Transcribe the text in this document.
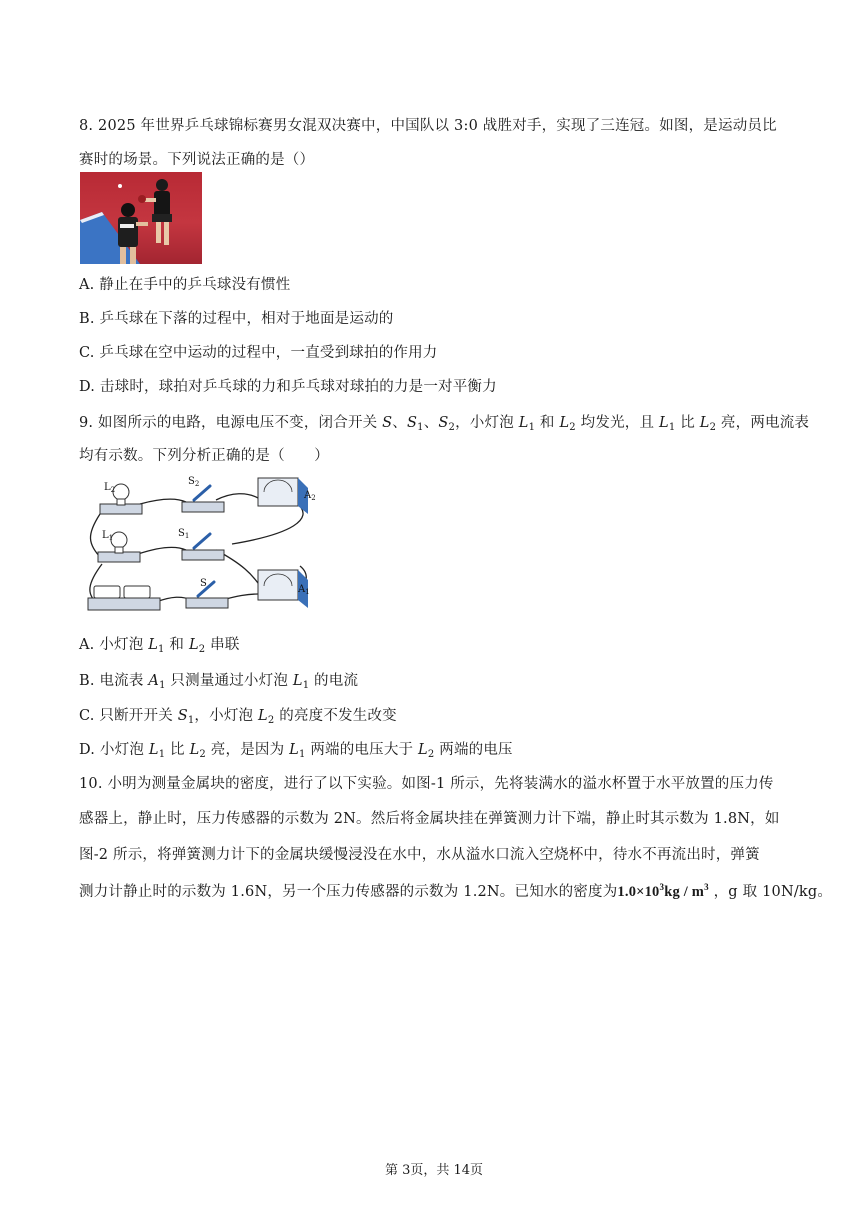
8. 2025 年世界乒乓球锦标赛男女混双决赛中，中国队以 3:0 战胜对手，实现了三连冠。如图，是运动员比
赛时的场景。下列说法正确的是（）
A. 静止在手中的乒乓球没有惯性
B. 乒乓球在下落的过程中，相对于地面是运动的
C. 乒乓球在空中运动的过程中，一直受到球拍的作用力
D. 击球时，球拍对乒乓球的力和乒乓球对球拍的力是一对平衡力
9. 如图所示的电路，电源电压不变，闭合开关 S、$S_1$、$S_2$，小灯泡 $L_1$ 和 $L_2$ 均发光，且 $L_1$ 比 $L_2$ 亮，两电流表
均有示数。下列分析正确的是（　　）
$L_2$
$S_2$
$A_2$
$L_1$	$S_1$
S
$A_1$
A. 小灯泡 $L_1$ 和 $L_2$ 串联
B. 电流表 $A_1$ 只测量通过小灯泡 $L_1$ 的电流
C. 只断开开关 $S_1$，小灯泡 $L_2$ 的亮度不发生改变
D. 小灯泡 $L_1$ 比 $L_2$ 亮，是因为 $L_1$ 两端的电压大于 $L_2$ 两端的电压
10. 小明为测量金属块的密度，进行了以下实验。如图-1 所示，先将装满水的溢水杯置于水平放置的压力传
感器上，静止时，压力传感器的示数为 2N。然后将金属块挂在弹簧测力计下端，静止时其示数为 1.8N，如
图-2 所示，将弹簧测力计下的金属块缓慢浸没在水中，水从溢水口流入空烧杯中，待水不再流出时，弹簧
测力计静止时的示数为 1.6N，另一个压力传感器的示数为 1.2N。已知水的密度为$1.0\times 10^3kg / m^3$ ，g 取 10N/kg。
第 3页，共 14页
